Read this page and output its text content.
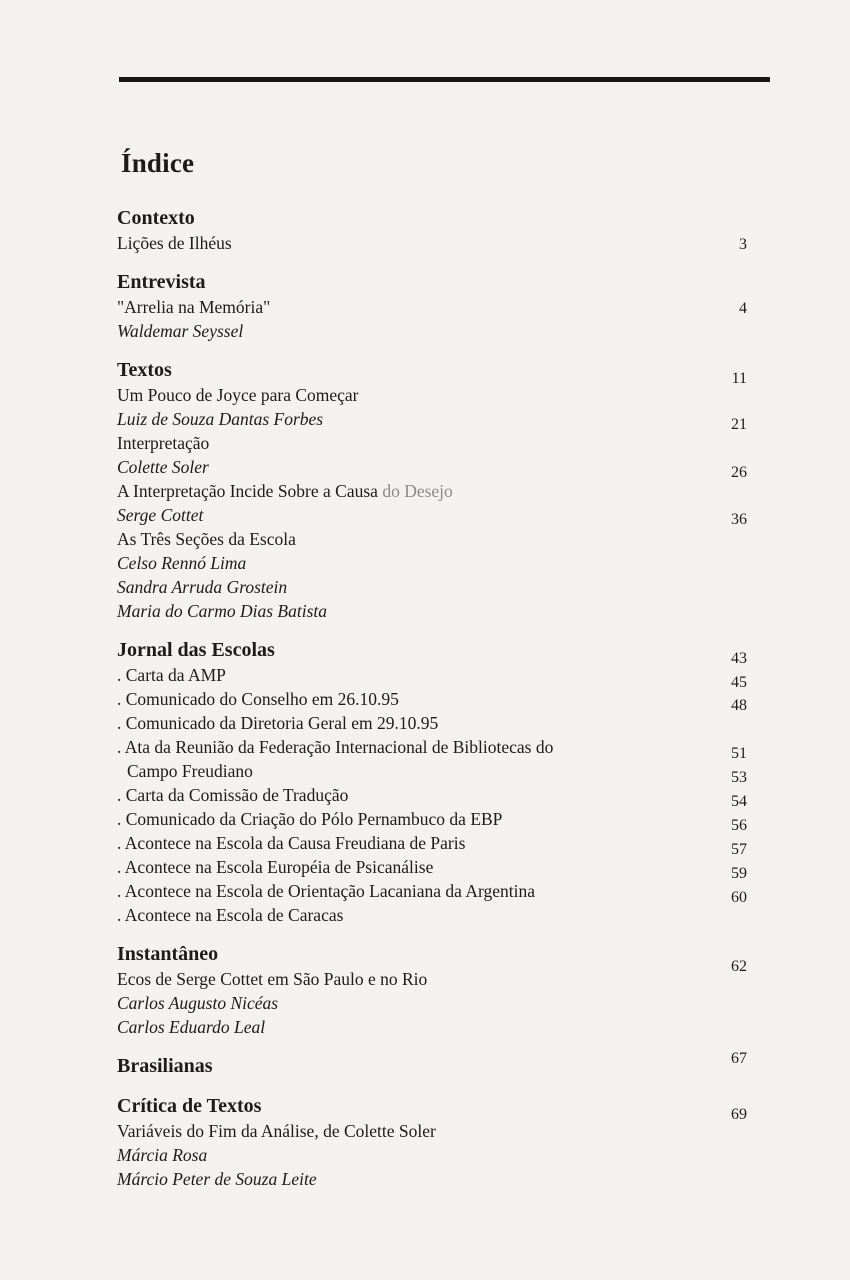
Índice
Contexto
Lições de Ilhéus	3
Entrevista
"Arrelia na Memória"
Waldemar Seyssel
4
Textos
Um Pouco de Joyce para Começar
Luiz de Souza Dantas Forbes
Interpretação
Colette Soler
A Interpretação Incide Sobre a Causa do Desejo
Serge Cottet
As Três Seções da Escola
Celso Rennó Lima
Sandra Arruda Grostein
Maria do Carmo Dias Batista
11
21
26
36
Jornal das Escolas
. Carta da AMP
. Comunicado do Conselho em 26.10.95
. Comunicado da Diretoria Geral em 29.10.95
. Ata da Reunião da Federação Internacional de Bibliotecas do
Campo Freudiano
. Carta da Comissão de Tradução
. Comunicado da Criação do Pólo Pernambuco da EBP
. Acontece na Escola da Causa Freudiana de Paris
. Acontece na Escola Européia de Psicanálise
. Acontece na Escola de Orientação Lacaniana da Argentina
. Acontece na Escola de Caracas
43
45
48
51
53
54
56
57
59
60
Instantâneo
Ecos de Serge Cottet em São Paulo e no Rio
Carlos Augusto Nicéas
Carlos Eduardo Leal
62
Brasilianas	67
Crítica de Textos
Variáveis do Fim da Análise, de Colette Soler
Márcia Rosa
Márcio Peter de Souza Leite
69
